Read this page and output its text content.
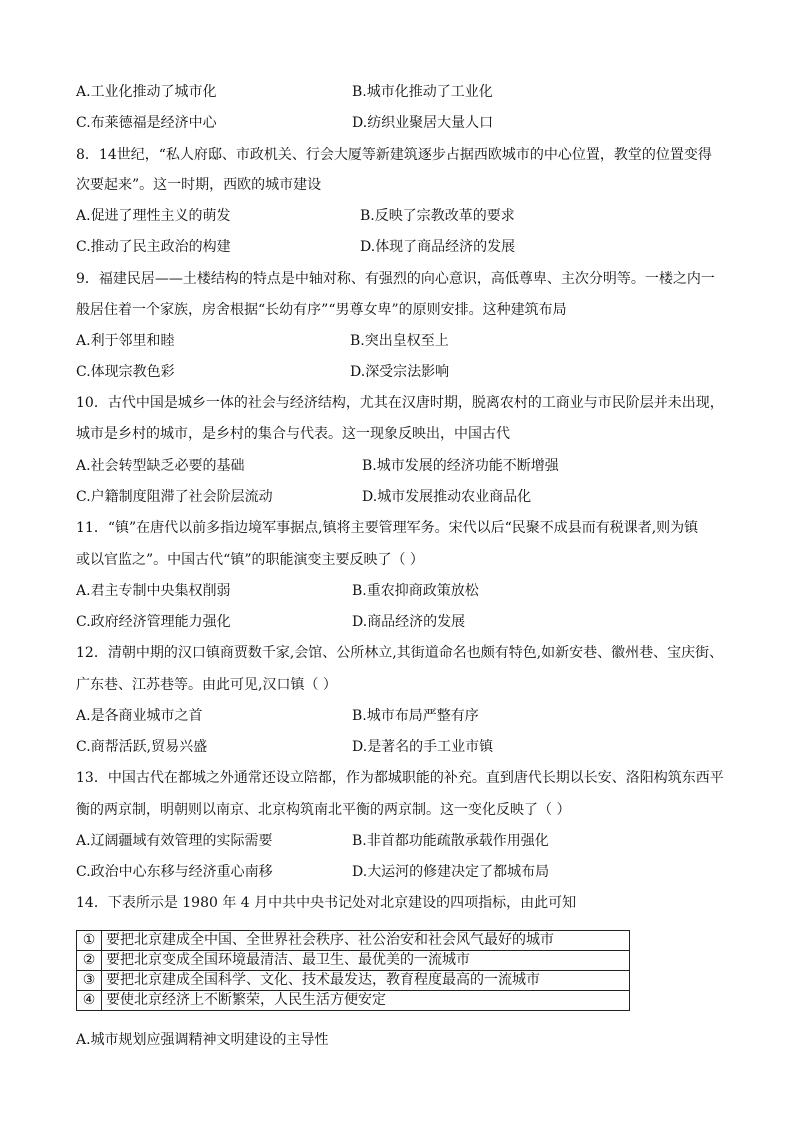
A.工业化推动了城市化	B.城市化推动了工业化
C.布莱德福是经济中心	D.纺织业聚居大量人口
8．14世纪，“私人府邸、市政机关、行会大厦等新建筑逐步占据西欧城市的中心位置，教堂的位置变得
次要起来”。这一时期，西欧的城市建设
A.促进了理性主义的萌发	B.反映了宗教改革的要求
C.推动了民主政治的构建	D.体现了商品经济的发展
9．福建民居——土楼结构的特点是中轴对称、有强烈的向心意识，高低尊卑、主次分明等。一楼之内一
般居住着一个家族，房舍根据“长幼有序”“男尊女卑”的原则安排。这种建筑布局
A.利于邻里和睦	B.突出皇权至上
C.体现宗教色彩	D.深受宗法影响
10．古代中国是城乡一体的社会与经济结构，尤其在汉唐时期，脱离农村的工商业与市民阶层并未出现，
城市是乡村的城市，是乡村的集合与代表。这一现象反映出，中国古代
A.社会转型缺乏必要的基础	B.城市发展的经济功能不断增强
C.户籍制度阻滞了社会阶层流动	D.城市发展推动农业商品化
11．“镇”在唐代以前多指边境军事据点,镇将主要管理军务。宋代以后“民聚不成县而有税课者,则为镇
或以官监之”。中国古代“镇”的职能演变主要反映了（ ）
A.君主专制中央集权削弱	B.重农抑商政策放松
C.政府经济管理能力强化	D.商品经济的发展
12．清朝中期的汉口镇商贾数千家,会馆、公所林立,其街道命名也颇有特色,如新安巷、徽州巷、宝庆街、
广东巷、江苏巷等。由此可见,汉口镇（ ）
A.是各商业城市之首	B.城市布局严整有序
C.商帮活跃,贸易兴盛	D.是著名的手工业市镇
13．中国古代在都城之外通常还设立陪都，作为都城职能的补充。直到唐代长期以长安、洛阳构筑东西平
衡的两京制，明朝则以南京、北京构筑南北平衡的两京制。这一变化反映了（ ）
A.辽阔疆域有效管理的实际需要	B.非首都功能疏散承载作用强化
C.政治中心东移与经济重心南移	D.大运河的修建决定了都城布局
14．下表所示是 1980 年 4 月中共中央书记处对北京建设的四项指标，由此可知
①	要把北京建成全中国、全世界社会秩序、社公治安和社会风气最好的城市
②	要把北京变成全国环境最清洁、最卫生、最优美的一流城市
③	要把北京建成全国科学、文化、技术最发达，教育程度最高的一流城市
④	要使北京经济上不断繁荣，人民生活方便安定
A.城市规划应强调精神文明建设的主导性
